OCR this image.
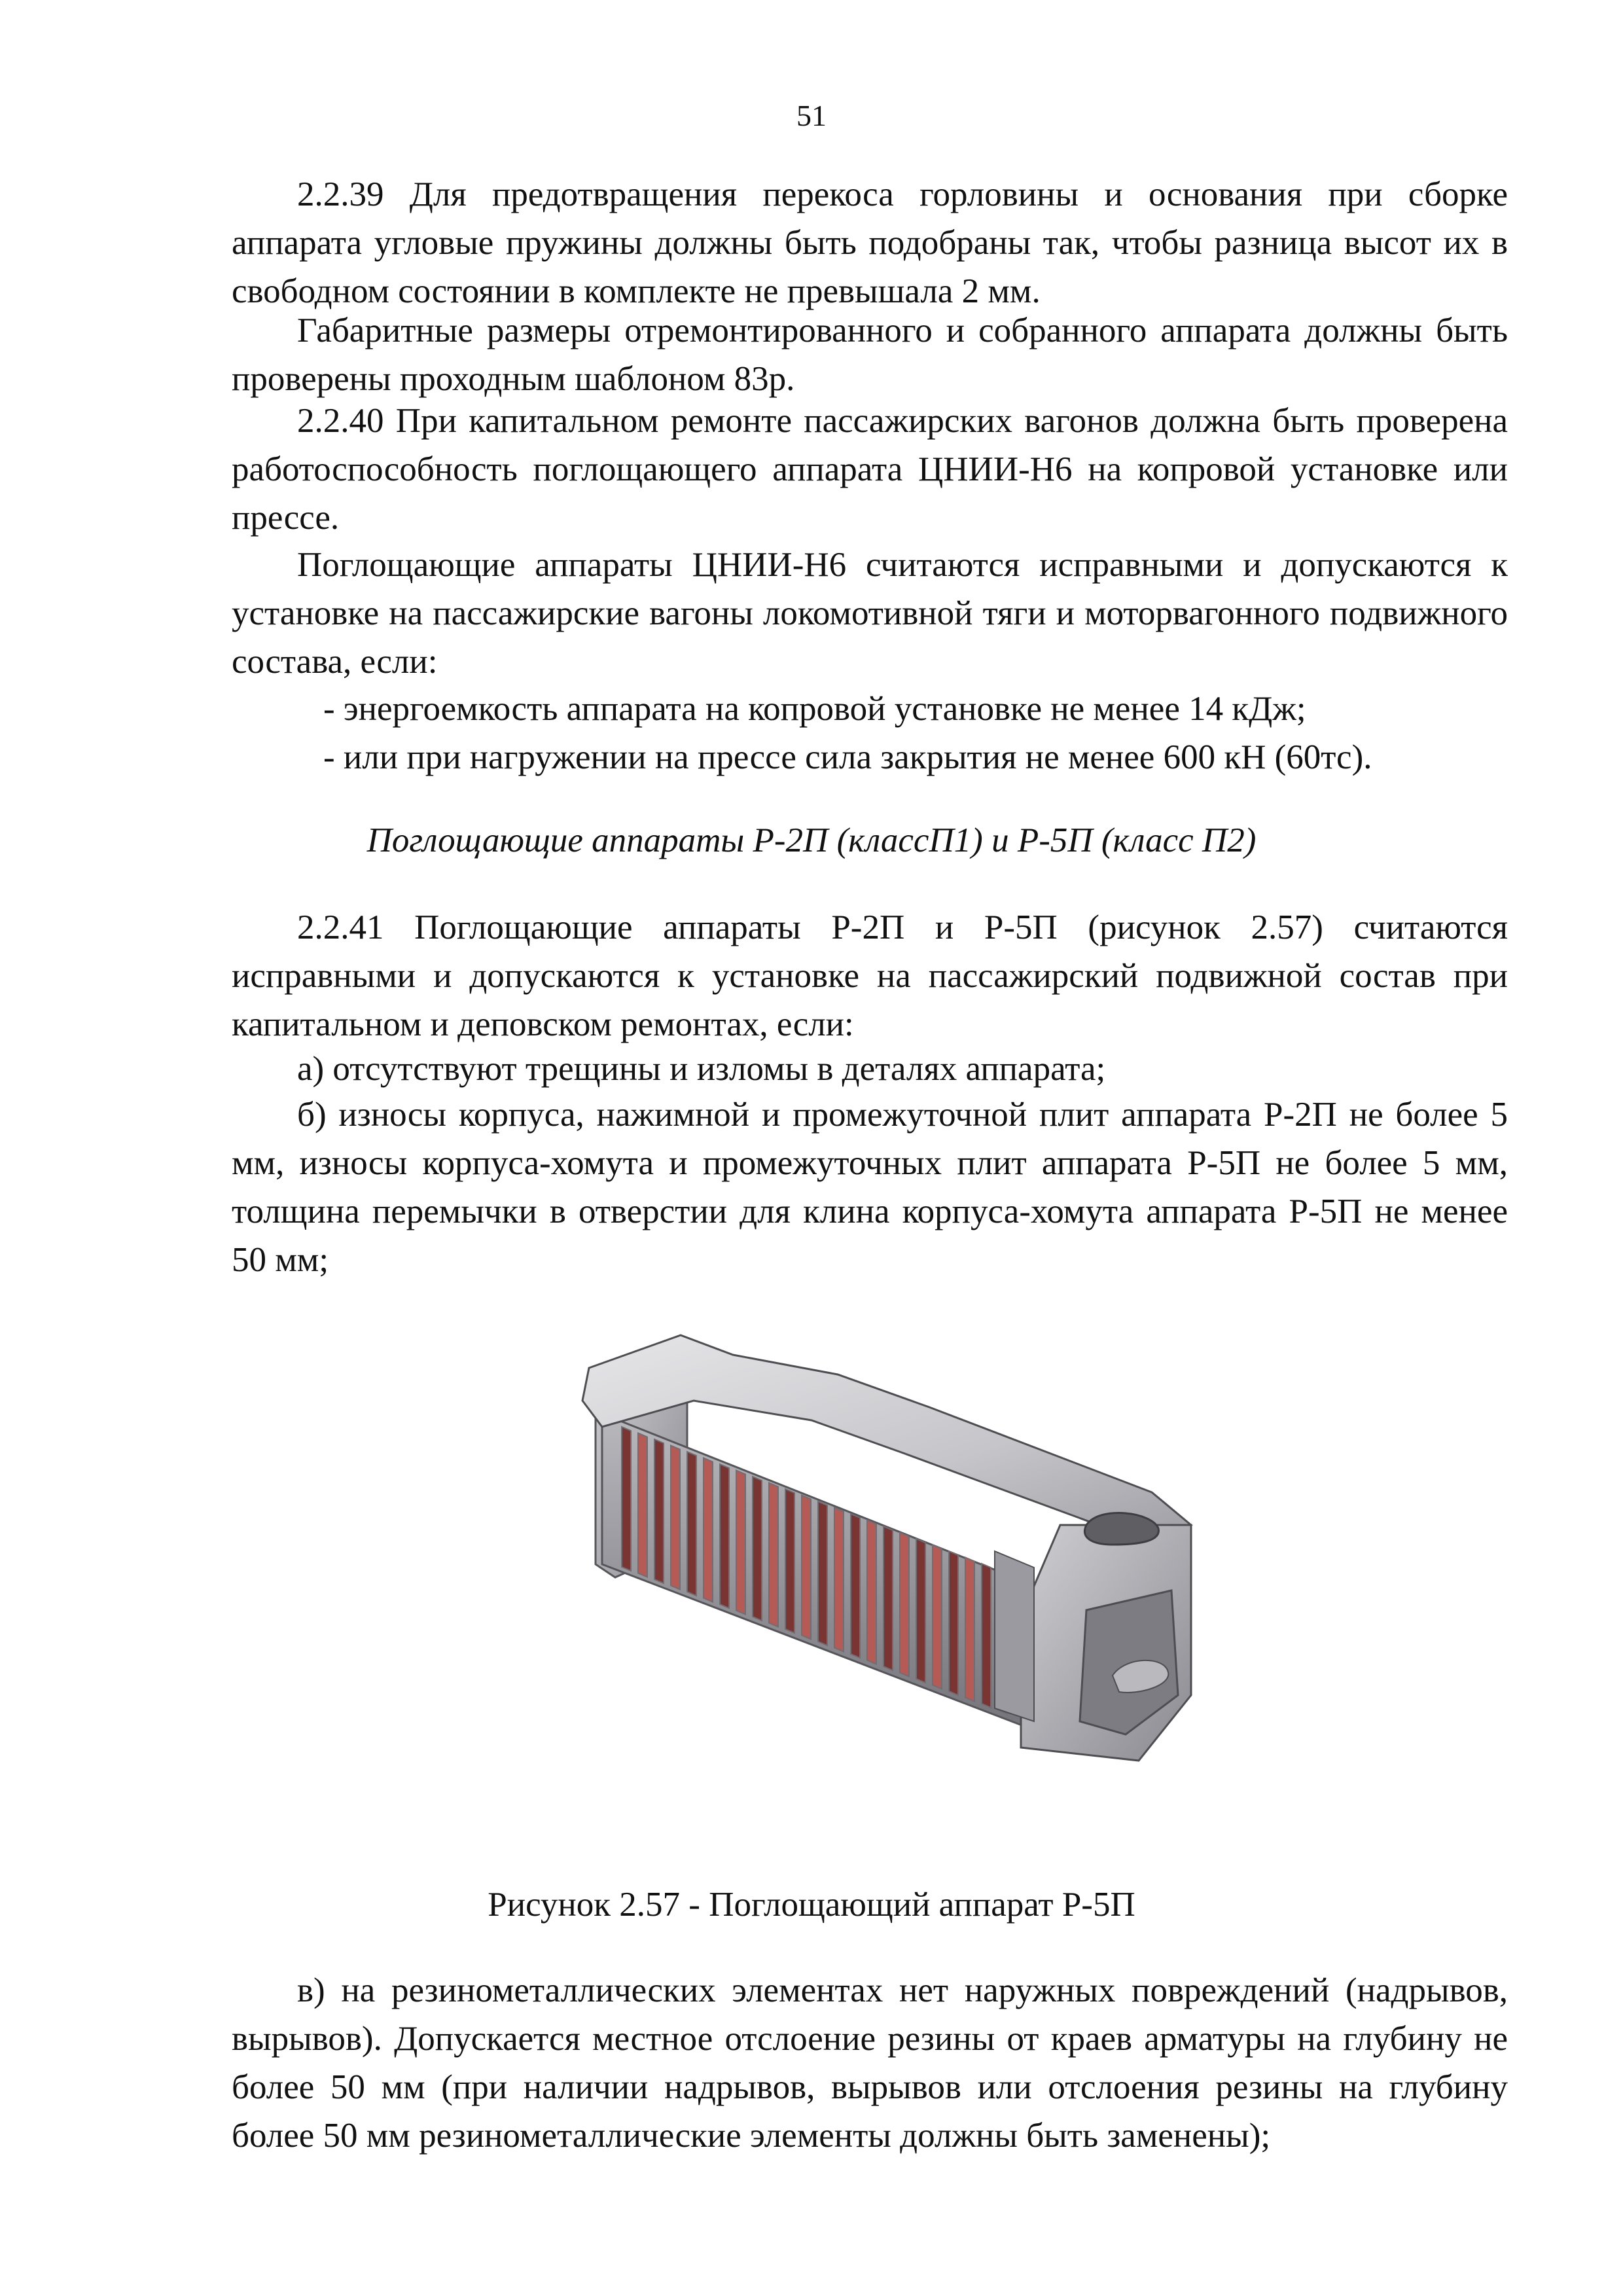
51

2.2.39 Для предотвращения перекоса горловины и основания при сборке аппарата угловые пружины должны быть подобраны так, чтобы разница высот их в свободном состоянии в комплекте не превышала 2 мм.

Габаритные размеры отремонтированного и собранного аппарата должны быть проверены проходным шаблоном 83р.

2.2.40 При капитальном ремонте пассажирских вагонов должна быть проверена работоспособность поглощающего аппарата ЦНИИ-Н6 на копровой установке или прессе.

Поглощающие аппараты ЦНИИ-Н6 считаются исправными и допускаются к установке на пассажирские вагоны локомотивной тяги и моторвагонного подвижного состава, если:

- энергоемкость аппарата на копровой установке не менее 14 кДж;

- или при нагружении на прессе сила закрытия не менее 600 кН (60тс).

Поглощающие аппараты Р-2П (классП1) и Р-5П (класс П2)

2.2.41 Поглощающие аппараты Р-2П и Р-5П (рисунок 2.57) считаются исправными и допускаются к установке на пассажирский подвижной состав при капитальном и деповском ремонтах, если:

а) отсутствуют трещины и изломы в деталях аппарата;

б) износы корпуса, нажимной и промежуточной плит аппарата Р-2П не более 5 мм, износы корпуса-хомута и промежуточных плит аппарата Р-5П не более 5 мм, толщина перемычки в отверстии для клина корпуса-хомута аппарата Р-5П не менее 50 мм;

Рисунок 2.57 - Поглощающий аппарат Р-5П

в) на резинометаллических элементах нет наружных повреждений (надрывов, вырывов). Допускается местное отслоение резины от краев арматуры на глубину не более 50 мм (при наличии надрывов, вырывов или отслоения резины на глубину более 50 мм резинометаллические элементы должны быть заменены);
